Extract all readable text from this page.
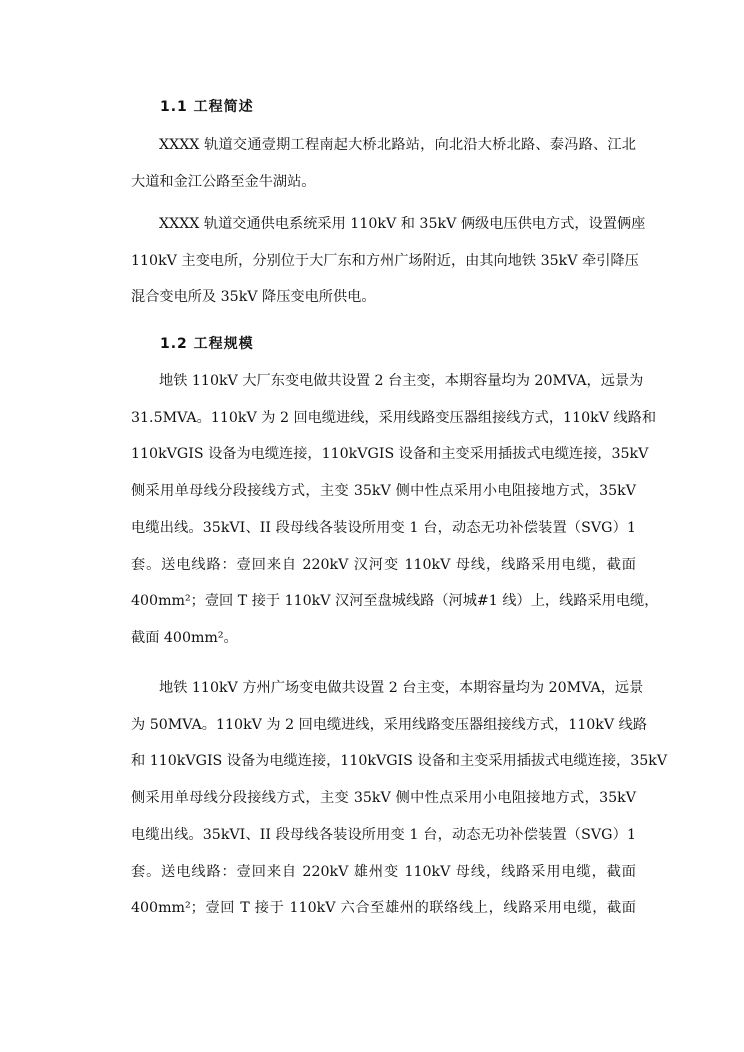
1.1 工程简述
XXXX 轨道交通壹期工程南起大桥北路站，向北沿大桥北路、泰冯路、江北
大道和金江公路至金牛湖站。
XXXX 轨道交通供电系统采用 110kV 和 35kV 俩级电压供电方式，设置俩座
110kV 主变电所，分别位于大厂东和方州广场附近，由其向地铁 35kV 牵引降压
混合变电所及 35kV 降压变电所供电。
1.2 工程规模
地铁 110kV 大厂东变电做共设置 2 台主变，本期容量均为 20MVA，远景为
31.5MVA。110kV 为 2 回电缆进线，采用线路变压器组接线方式，110kV 线路和
110kVGIS 设备为电缆连接，110kVGIS 设备和主变采用插拔式电缆连接，35kV
侧采用单母线分段接线方式，主变 35kV 侧中性点采用小电阻接地方式，35kV
电缆出线。35kVI、II 段母线各装设所用变 1 台，动态无功补偿装置（SVG）1
套。送电线路：壹回来自 220kV 汉河变 110kV 母线，线路采用电缆，截面
400mm²；壹回 T 接于 110kV 汉河至盘城线路（河城#1 线）上，线路采用电缆，
截面 400mm²。
地铁 110kV 方州广场变电做共设置 2 台主变，本期容量均为 20MVA，远景
为 50MVA。110kV 为 2 回电缆进线，采用线路变压器组接线方式，110kV 线路
和 110kVGIS 设备为电缆连接，110kVGIS 设备和主变采用插拔式电缆连接，35kV
侧采用单母线分段接线方式，主变 35kV 侧中性点采用小电阻接地方式，35kV
电缆出线。35kVI、II 段母线各装设所用变 1 台，动态无功补偿装置（SVG）1
套。送电线路：壹回来自 220kV 雄州变 110kV 母线，线路采用电缆，截面
400mm²；壹回 T 接于 110kV 六合至雄州的联络线上，线路采用电缆，截面
